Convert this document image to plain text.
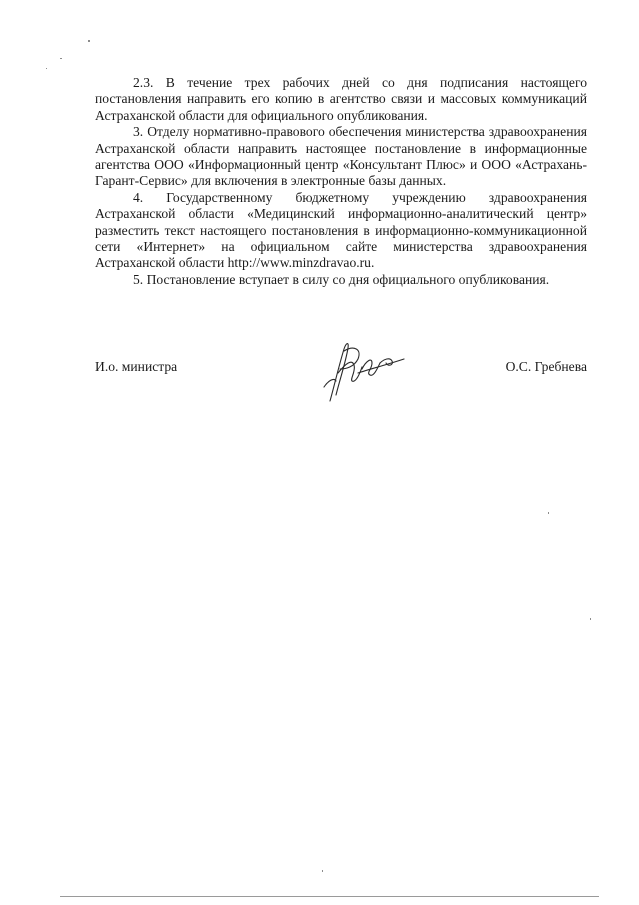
2.3. В течение трех рабочих дней со дня подписания настоящего постановления направить его копию в агентство связи и массовых коммуникаций Астраханской области для официального опубликования.

3. Отделу нормативно-правового обеспечения министерства здравоохранения Астраханской области направить настоящее постановление в информационные агентства ООО «Информационный центр «Консультант Плюс» и ООО «Астрахань-Гарант-Сервис» для включения в электронные базы данных.

4. Государственному бюджетному учреждению здравоохранения Астраханской области «Медицинский информационно-аналитический центр» разместить текст настоящего постановления в информационно-коммуникационной сети «Интернет» на официальном сайте министерства здравоохранения Астраханской области http://www.minzdravao.ru.

5. Постановление вступает в силу со дня официального опубликования.

И.о. министра	О.С. Гребнева
